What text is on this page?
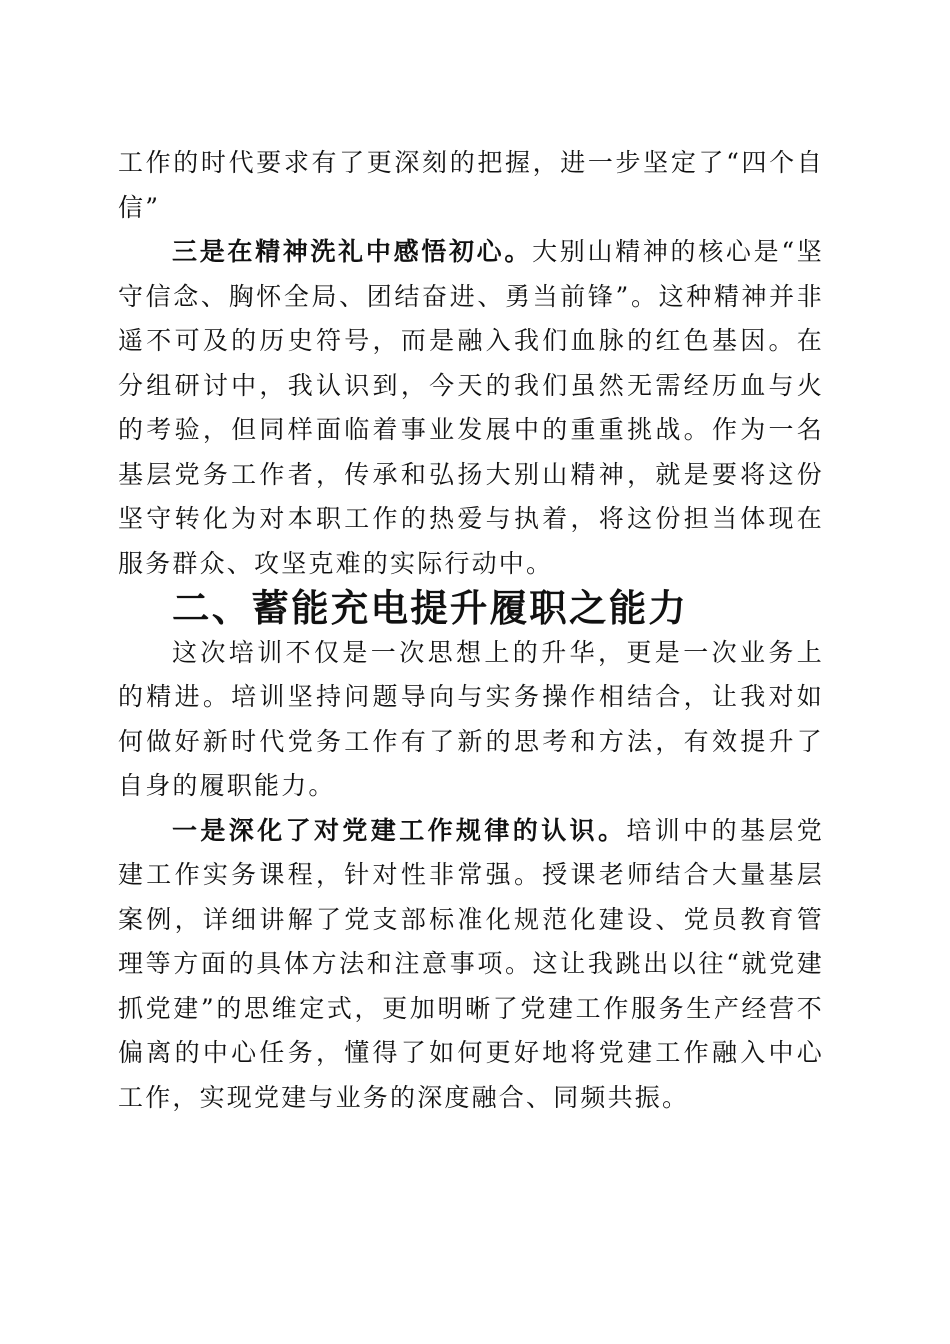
工作的时代要求有了更深刻的把握，进一步坚定了“四个自信”

三是在精神洗礼中感悟初心。大别山精神的核心是“坚守信念、胸怀全局、团结奋进、勇当前锋”。这种精神并非遥不可及的历史符号，而是融入我们血脉的红色基因。在分组研讨中，我认识到，今天的我们虽然无需经历血与火的考验，但同样面临着事业发展中的重重挑战。作为一名基层党务工作者，传承和弘扬大别山精神，就是要将这份坚守转化为对本职工作的热爱与执着，将这份担当体现在服务群众、攻坚克难的实际行动中。

二、蓄能充电提升履职之能力

这次培训不仅是一次思想上的升华，更是一次业务上的精进。培训坚持问题导向与实务操作相结合，让我对如何做好新时代党务工作有了新的思考和方法，有效提升了自身的履职能力。

一是深化了对党建工作规律的认识。培训中的基层党建工作实务课程，针对性非常强。授课老师结合大量基层案例，详细讲解了党支部标准化规范化建设、党员教育管理等方面的具体方法和注意事项。这让我跳出以往“就党建抓党建”的思维定式，更加明晰了党建工作服务生产经营不偏离的中心任务，懂得了如何更好地将党建工作融入中心工作，实现党建与业务的深度融合、同频共振。
